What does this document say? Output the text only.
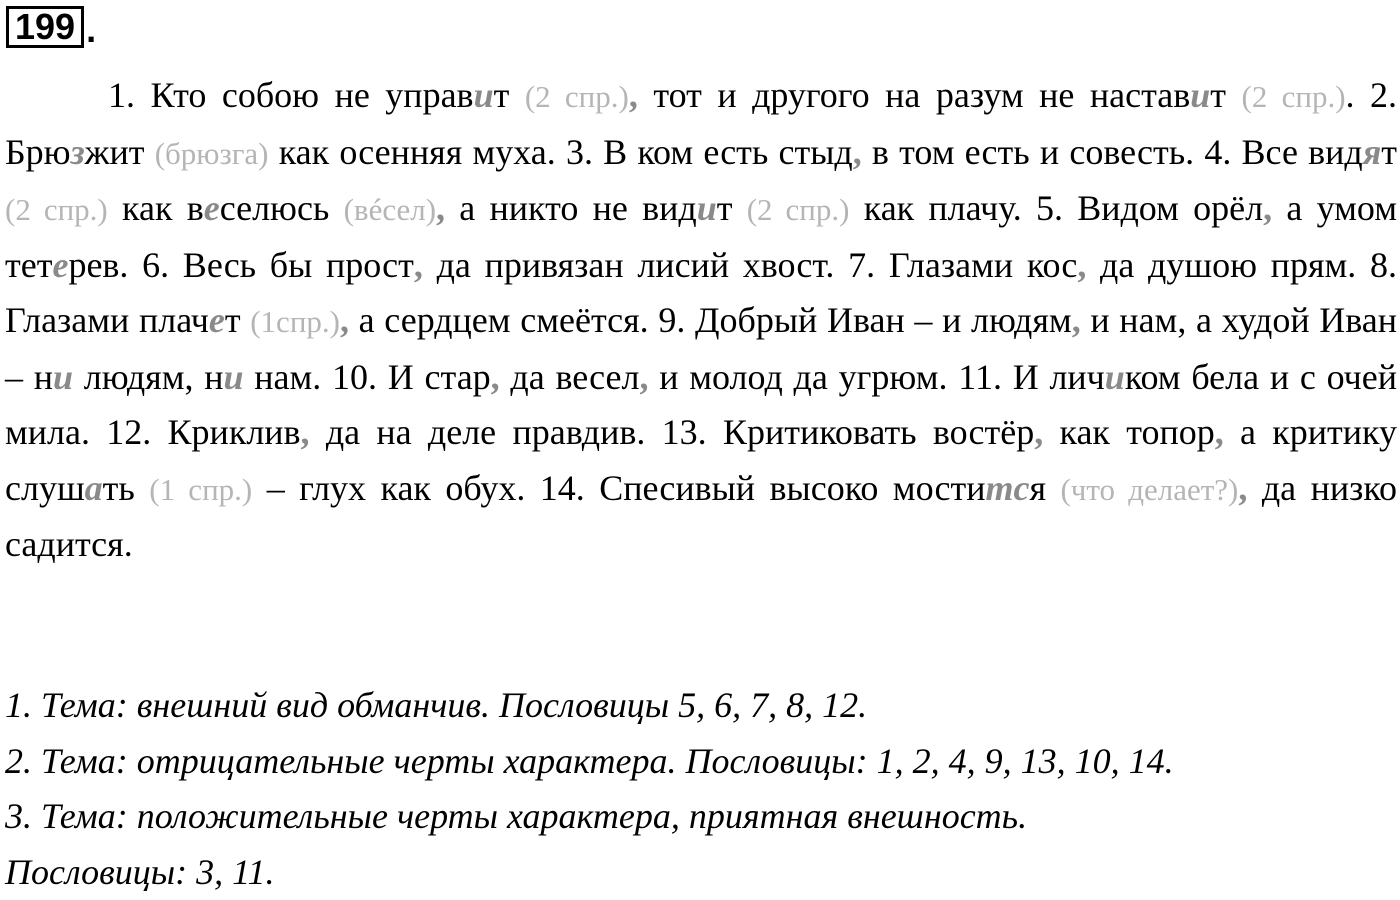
199 .

1. Кто собою не управит (2 спр.), тот и другого на разум не наставит (2 спр.). 2. Брюзжит (брюзга) как осенняя муха. 3. В ком есть стыд, в том есть и совесть. 4. Все видят (2 спр.) как веселюсь (вéсел), а никто не видит (2 спр.) как плачу. 5. Видом орёл, а умом тетерев. 6. Весь бы прост, да привязан лисий хвост. 7. Глазами кос, да душою прям. 8. Глазами плачет (1спр.), а сердцем смеётся. 9. Добрый Иван – и людям, и нам, а худой Иван – ни людям, ни нам. 10. И стар, да весел, и молод да угрюм. 11. И личиком бела и с очей мила. 12. Криклив, да на деле правдив. 13. Критиковать востёр, как топор, а критику слушать (1 спр.) – глух как обух. 14. Спесивый высоко мостится (что делает?), да низко садится.

1. Тема: внешний вид обманчив. Пословицы 5, 6, 7, 8, 12.
2. Тема: отрицательные черты характера. Пословицы: 1, 2, 4, 9, 13, 10, 14.
3. Тема: положительные черты характера, приятная внешность.
Пословицы: 3, 11.
